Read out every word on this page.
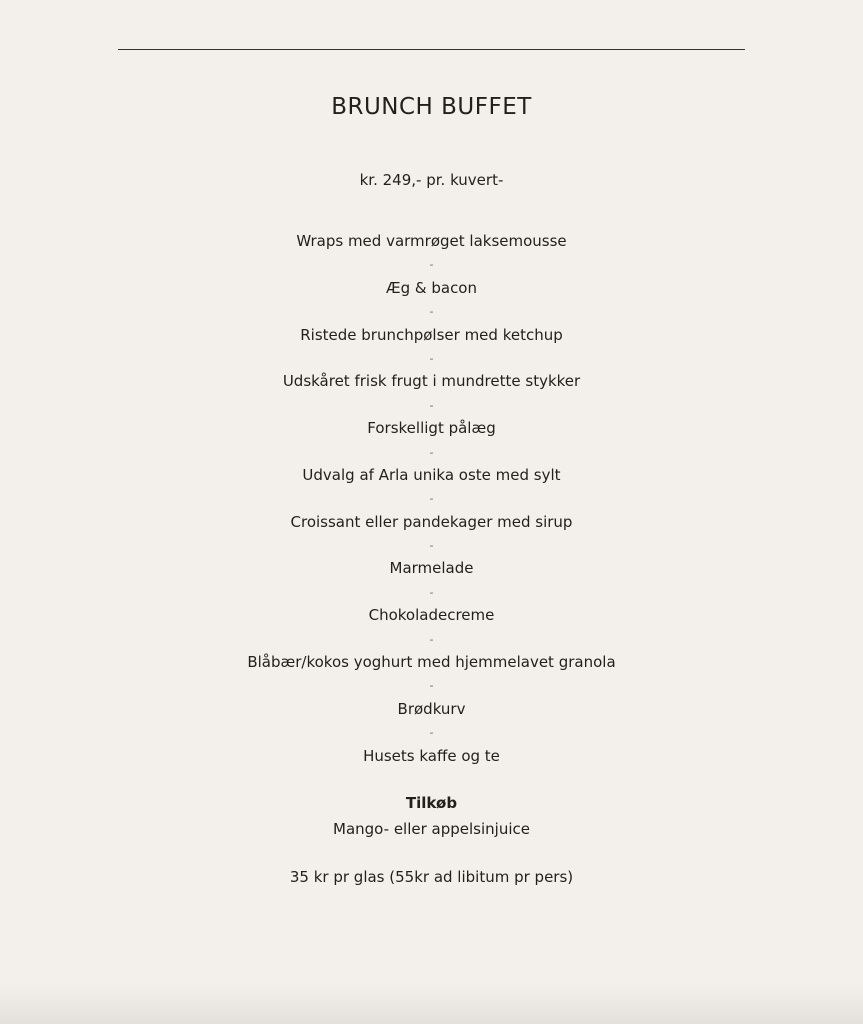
BRUNCH BUFFET
kr. 249,- pr. kuvert-
Wraps med varmrøget laksemousse
-
Æg & bacon
-
Ristede brunchpølser med ketchup
-
Udskåret frisk frugt i mundrette stykker
-
Forskelligt pålæg
-
Udvalg af Arla unika oste med sylt
-
Croissant eller pandekager med sirup
-
Marmelade
-
Chokoladecreme
-
Blåbær/kokos yoghurt med hjemmelavet granola
-
Brødkurv
-
Husets kaffe og te
Tilkøb
Mango- eller appelsinjuice
35 kr pr glas (55kr ad libitum pr pers)
